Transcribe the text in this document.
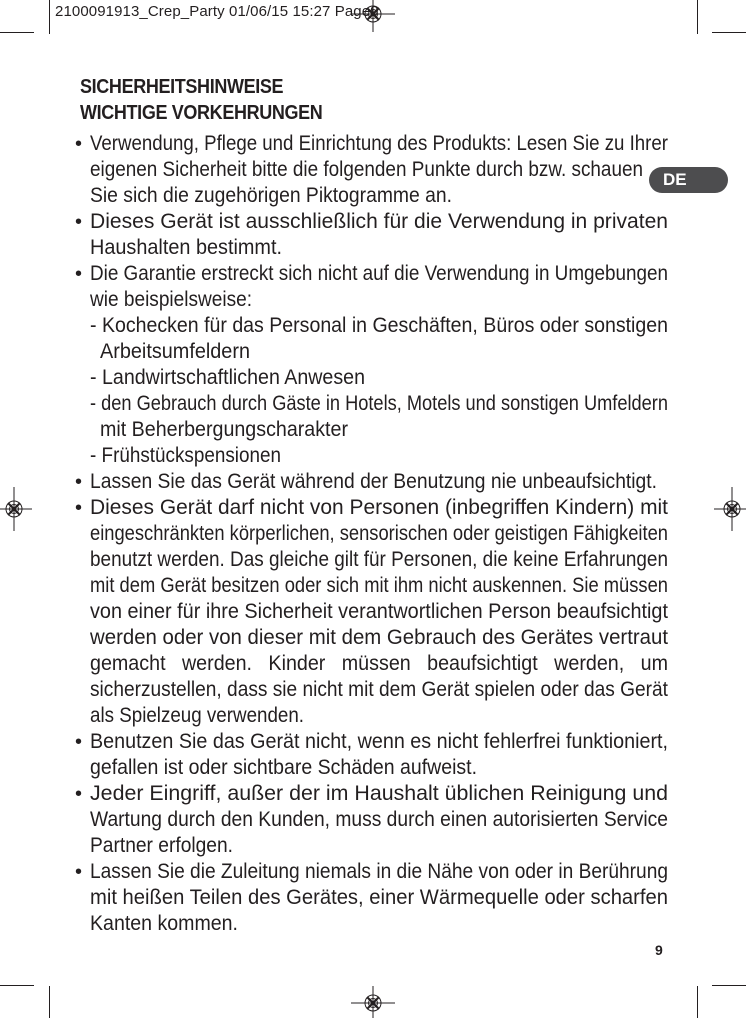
2100091913_Crep_Party 01/06/15 15:27 Page9
SICHERHEITSHINWEISE
WICHTIGE VORKEHRUNGEN
DE
• Verwendung, Pflege und Einrichtung des Produkts: Lesen Sie zu Ihrer
eigenen Sicherheit bitte die folgenden Punkte durch bzw. schauen
Sie sich die zugehörigen Piktogramme an.
• Dieses Gerät ist ausschließlich für die Verwendung in privaten
Haushalten bestimmt.
• Die Garantie erstreckt sich nicht auf die Verwendung in Umgebungen
wie beispielsweise:
- Kochecken für das Personal in Geschäften, Büros oder sonstigen
Arbeitsumfeldern
- Landwirtschaftlichen Anwesen
- den Gebrauch durch Gäste in Hotels, Motels und sonstigen Umfeldern
mit Beherbergungscharakter
- Frühstückspensionen
• Lassen Sie das Gerät während der Benutzung nie unbeaufsichtigt.
• Dieses Gerät darf nicht von Personen (inbegriffen Kindern) mit
eingeschränkten körperlichen, sensorischen oder geistigen Fähigkeiten
benutzt werden. Das gleiche gilt für Personen, die keine Erfahrungen
mit dem Gerät besitzen oder sich mit ihm nicht auskennen. Sie müssen
von einer für ihre Sicherheit verantwortlichen Person beaufsichtigt
werden oder von dieser mit dem Gebrauch des Gerätes vertraut
gemacht   werden.   Kinder   müssen   beaufsichtigt   werden,   um
sicherzustellen, dass sie nicht mit dem Gerät spielen oder das Gerät
als Spielzeug verwenden.
• Benutzen Sie das Gerät nicht, wenn es nicht fehlerfrei funktioniert,
gefallen ist oder sichtbare Schäden aufweist.
• Jeder Eingriff, außer der im Haushalt üblichen Reinigung und
Wartung durch den Kunden, muss durch einen autorisierten Service
Partner erfolgen.
• Lassen Sie die Zuleitung niemals in die Nähe von oder in Berührung
mit heißen Teilen des Gerätes, einer Wärmequelle oder scharfen
Kanten kommen.
9
